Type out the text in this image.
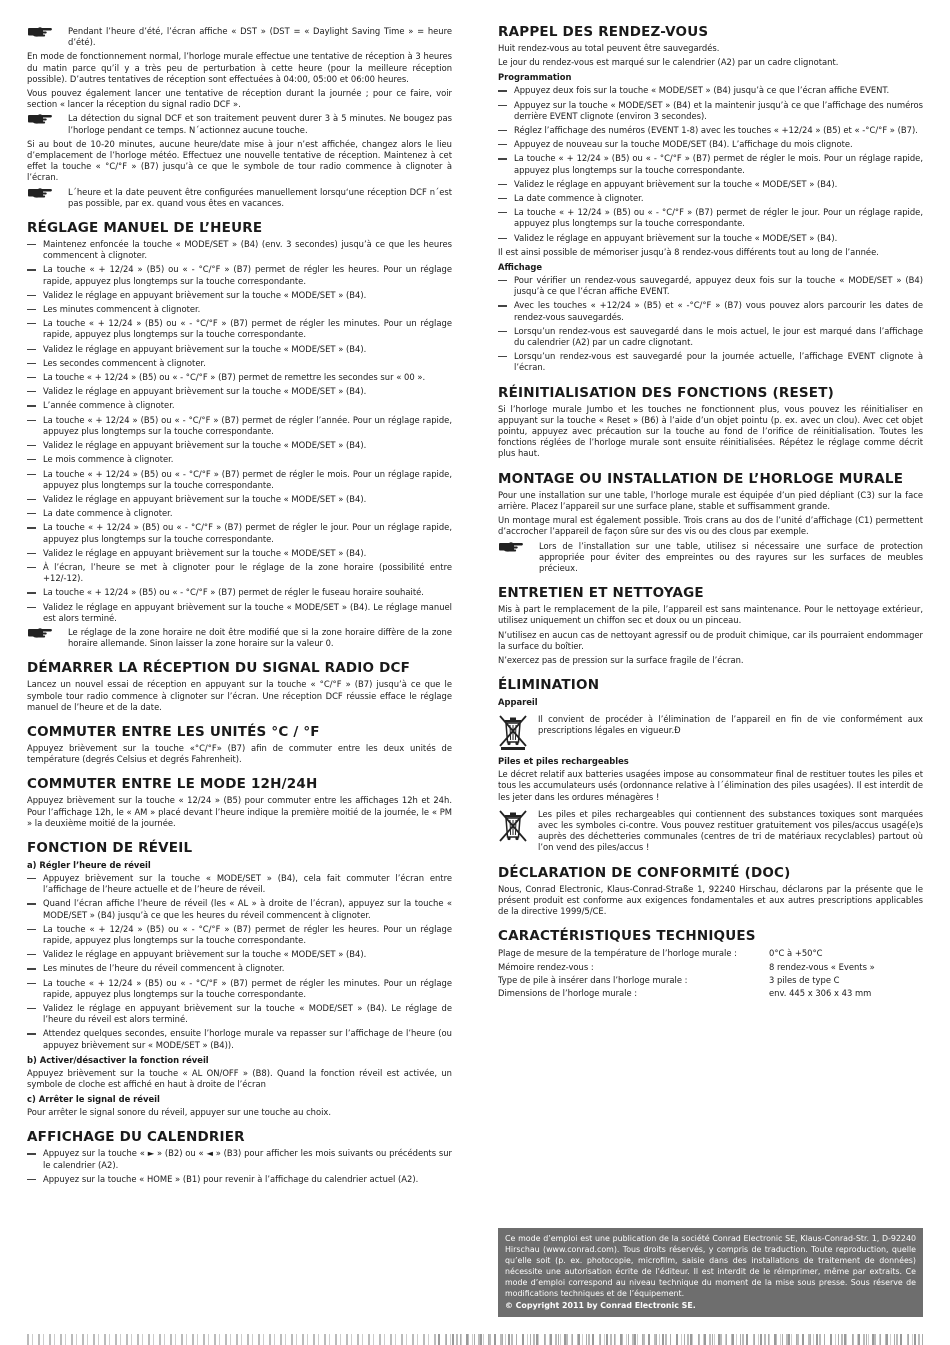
Pendant l’heure d’été, l’écran affiche « DST » (DST = « Daylight Saving Time » = heure d’été).

En mode de fonctionnement normal, l’horloge murale effectue une tentative de réception à 3 heures du matin parce qu’il y a très peu de perturbation à cette heure (pour la meilleure réception possible). D’autres tentatives de réception sont effectuées à 04:00, 05:00 et 06:00 heures.

Vous pouvez également lancer une tentative de réception durant la journée ; pour ce faire, voir section « lancer la réception du signal radio DCF ».

La détection du signal DCF et son traitement peuvent durer 3 à 5 minutes. Ne bougez pas l’horloge pendant ce temps. N´actionnez aucune touche.

Si au bout de 10-20 minutes, aucune heure/date mise à jour n’est affichée, changez alors le lieu d’emplacement de l’horloge météo. Effectuez une nouvelle tentative de réception. Maintenez à cet effet la touche « °C/°F » (B7) jusqu’à ce que le symbole de tour radio commence à clignoter à l’écran.

L´heure et la date peuvent être configurées manuellement lorsqu‘une réception DCF n´est pas possible, par ex. quand vous êtes en vacances.

RÉGLAGE MANUEL DE L’HEURE
Maintenez enfoncée la touche « MODE/SET » (B4) (env. 3 secondes) jusqu’à ce que les heures commencent à clignoter.
La touche « + 12/24 » (B5) ou « - °C/°F » (B7) permet de régler les heures. Pour un réglage rapide, appuyez plus longtemps sur la touche correspondante.
Validez le réglage en appuyant brièvement sur la touche « MODE/SET » (B4).
Les minutes commencent à clignoter.
La touche « + 12/24 » (B5) ou « - °C/°F » (B7) permet de régler les minutes. Pour un réglage rapide, appuyez plus longtemps sur la touche correspondante.
Validez le réglage en appuyant brièvement sur la touche « MODE/SET » (B4).
Les secondes commencent à clignoter.
La touche « + 12/24 » (B5) ou « - °C/°F » (B7) permet de remettre les secondes sur « 00 ».
Validez le réglage en appuyant brièvement sur la touche « MODE/SET » (B4).
L’année commence à clignoter.
La touche « + 12/24 » (B5) ou « - °C/°F » (B7) permet de régler l’année. Pour un réglage rapide, appuyez plus longtemps sur la touche correspondante.
Validez le réglage en appuyant brièvement sur la touche « MODE/SET » (B4).
Le mois commence à clignoter.
La touche « + 12/24 » (B5) ou « - °C/°F » (B7) permet de régler le mois. Pour un réglage rapide, appuyez plus longtemps sur la touche correspondante.
Validez le réglage en appuyant brièvement sur la touche « MODE/SET » (B4).
La date commence à clignoter.
La touche « + 12/24 » (B5) ou « - °C/°F » (B7) permet de régler le jour. Pour un réglage rapide, appuyez plus longtemps sur la touche correspondante.
Validez le réglage en appuyant brièvement sur la touche « MODE/SET » (B4).
À l’écran, l’heure se met à clignoter pour le réglage de la zone horaire (possibilité entre +12/-12).
La touche « + 12/24 » (B5) ou « - °C/°F » (B7) permet de régler le fuseau horaire souhaité.
Validez le réglage en appuyant brièvement sur la touche « MODE/SET » (B4). Le réglage manuel est alors terminé.

Le réglage de la zone horaire ne doit être modifié que si la zone horaire diffère de la zone horaire allemande. Sinon laisser la zone horaire sur la valeur 0.

DÉMARRER LA RÉCEPTION DU SIGNAL RADIO DCF

Lancez un nouvel essai de réception en appuyant sur la touche « °C/°F » (B7) jusqu’à ce que le symbole tour radio commence à clignoter sur l’écran. Une réception DCF réussie efface le réglage manuel de l’heure et de la date.

COMMUTER ENTRE LES UNITÉS °C / °F

Appuyez brièvement sur la touche «°C/°F» (B7) afin de commuter entre les deux unités de température (degrés Celsius et degrés Fahrenheit).

COMMUTER ENTRE LE MODE 12H/24H

Appuyez brièvement sur la touche « 12/24 » (B5) pour commuter entre les affichages 12h et 24h. Pour l’affichage 12h, le « AM » placé devant l’heure indique la première moitié de la journée, le « PM » la deuxième moitié de la journée.

FONCTION DE RÉVEIL
a) Régler l’heure de réveil
Appuyez brièvement sur la touche « MODE/SET » (B4), cela fait commuter l’écran entre l’affichage de l’heure actuelle et de l’heure de réveil.
Quand l’écran affiche l’heure de réveil (les « AL » à droite de l’écran), appuyez sur la touche « MODE/SET » (B4) jusqu’à ce que les heures du réveil commencent à clignoter.
La touche « + 12/24 » (B5) ou « - °C/°F » (B7) permet de régler les heures. Pour un réglage rapide, appuyez plus longtemps sur la touche correspondante.
Validez le réglage en appuyant brièvement sur la touche « MODE/SET » (B4).
Les minutes de l’heure du réveil commencent à clignoter.
La touche « + 12/24 » (B5) ou « - °C/°F » (B7) permet de régler les minutes. Pour un réglage rapide, appuyez plus longtemps sur la touche correspondante.
Validez le réglage en appuyant brièvement sur la touche « MODE/SET » (B4). Le réglage de l’heure du réveil est alors terminé.
Attendez quelques secondes, ensuite l’horloge murale va repasser sur l’affichage de l’heure (ou appuyez brièvement sur « MODE/SET » (B4)).
b) Activer/désactiver la fonction réveil

Appuyez brièvement sur la touche « AL ON/OFF » (B8). Quand la fonction réveil est activée, un symbole de cloche est affiché en haut à droite de l’écran

c) Arrêter le signal de réveil

Pour arrêter le signal sonore du réveil, appuyer sur une touche au choix.

AFFICHAGE DU CALENDRIER
Appuyez sur la touche « ► » (B2) ou « ◄ » (B3) pour afficher les mois suivants ou précédents sur le calendrier (A2).
Appuyez sur la touche « HOME » (B1) pour revenir à l’affichage du calendrier actuel (A2).
RAPPEL DES RENDEZ-VOUS

Huit rendez-vous au total peuvent être sauvegardés.

Le jour du rendez-vous est marqué sur le calendrier (A2) par un cadre clignotant.

Programmation
Appuyez deux fois sur la touche « MODE/SET » (B4) jusqu’à ce que l’écran affiche EVENT.
Appuyez sur la touche « MODE/SET » (B4) et la maintenir jusqu’à ce que l’affichage des numéros derrière EVENT clignote (environ 3 secondes).
Réglez l’affichage des numéros (EVENT 1-8) avec les touches « +12/24 » (B5) et « -°C/°F » (B7).
Appuyez de nouveau sur la touche MODE/SET (B4). L’affichage du mois clignote.
La touche « + 12/24 » (B5) ou « - °C/°F » (B7) permet de régler le mois. Pour un réglage rapide, appuyez plus longtemps sur la touche correspondante.
Validez le réglage en appuyant brièvement sur la touche « MODE/SET » (B4).
La date commence à clignoter.
La touche « + 12/24 » (B5) ou « - °C/°F » (B7) permet de régler le jour. Pour un réglage rapide, appuyez plus longtemps sur la touche correspondante.
Validez le réglage en appuyant brièvement sur la touche « MODE/SET » (B4).

Il est ainsi possible de mémoriser jusqu’à 8 rendez-vous différents tout au long de l’année.

Affichage
Pour vérifier un rendez-vous sauvegardé, appuyez deux fois sur la touche « MODE/SET » (B4) jusqu’à ce que l’écran affiche EVENT.
Avec les touches « +12/24 » (B5) et « -°C/°F » (B7) vous pouvez alors parcourir les dates de rendez-vous sauvegardés.
Lorsqu’un rendez-vous est sauvegardé dans le mois actuel, le jour est marqué dans l’affichage du calendrier (A2) par un cadre clignotant.
Lorsqu’un rendez-vous est sauvegardé pour la journée actuelle, l’affichage EVENT clignote à l’écran.
RÉINITIALISATION DES FONCTIONS (RESET)

Si l’horloge murale Jumbo et les touches ne fonctionnent plus, vous pouvez les réinitialiser en appuyant sur la touche « Reset » (B6) à l’aide d’un objet pointu (p. ex. avec un clou). Avec cet objet pointu, appuyez avec précaution sur la touche au fond de l’orifice de réinitialisation. Toutes les fonctions réglées de l’horloge murale sont ensuite réinitialisées. Répétez le réglage comme décrit plus haut.

MONTAGE OU INSTALLATION DE L’HORLOGE MURALE

Pour une installation sur une table, l’horloge murale est équipée d’un pied dépliant (C3) sur la face arrière. Placez l’appareil sur une surface plane, stable et suffisamment grande.

Un montage mural est également possible. Trois crans au dos de l’unité d’affichage (C1) permettent d’accrocher l’appareil de façon sûre sur des vis ou des clous par exemple.

Lors de l’installation sur une table, utilisez si nécessaire une surface de protection appropriée pour éviter des empreintes ou des rayures sur les surfaces de meubles précieux.

ENTRETIEN ET NETTOYAGE

Mis à part le remplacement de la pile, l’appareil est sans maintenance. Pour le nettoyage extérieur, utilisez uniquement un chiffon sec et doux ou un pinceau.

N’utilisez en aucun cas de nettoyant agressif ou de produit chimique, car ils pourraient endommager la surface du boîtier.

N’exercez pas de pression sur la surface fragile de l’écran.

ÉLIMINATION
Appareil

Il convient de procéder à l’élimination de l’appareil en fin de vie conformément aux prescriptions légales en vigueur.Ð

Piles et piles rechargeables

Le décret relatif aux batteries usagées impose au consommateur final de restituer toutes les piles et tous les accumulateurs usés (ordonnance relative à l´élimination des piles usagées). Il est interdit de les jeter dans les ordures ménagères !

Les piles et piles rechargeables qui contiennent des substances toxiques sont marquées avec les symboles ci-contre. Vous pouvez restituer gratuitement vos piles/accus usagé(e)s auprès des déchetteries communales (centres de tri de matériaux recyclables) partout où l’on vend des piles/accus !

DÉCLARATION DE CONFORMITÉ (DOC)

Nous, Conrad Electronic, Klaus-Conrad-Straße 1, 92240 Hirschau, déclarons par la présente que le présent produit est conforme aux exigences fondamentales et aux autres prescriptions applicables de la directive 1999/5/CE.

CARACTÉRISTIQUES TECHNIQUES
Plage de mesure de la température de l’horloge murale :	0°C à +50°C
Mémoire rendez-vous :	8 rendez-vous « Events »
Type de pile à insérer dans l’horloge murale :	3 piles de type C
Dimensions de l’horloge murale :	env. 445 x 306 x 43 mm

Ce mode d’emploi est une publication de la société Conrad Electronic SE, Klaus-Conrad-Str. 1, D-92240 Hirschau (www.conrad.com). Tous droits réservés, y compris de traduction. Toute reproduction, quelle qu’elle soit (p. ex. photocopie, microfilm, saisie dans des installations de traitement de données) nécessite une autorisation écrite de l’éditeur. Il est interdit de le réimprimer, même par extraits. Ce mode d’emploi correspond au niveau technique du moment de la mise sous presse. Sous réserve de modifications techniques et de l’équipement.

© Copyright 2011 by Conrad Electronic SE.
